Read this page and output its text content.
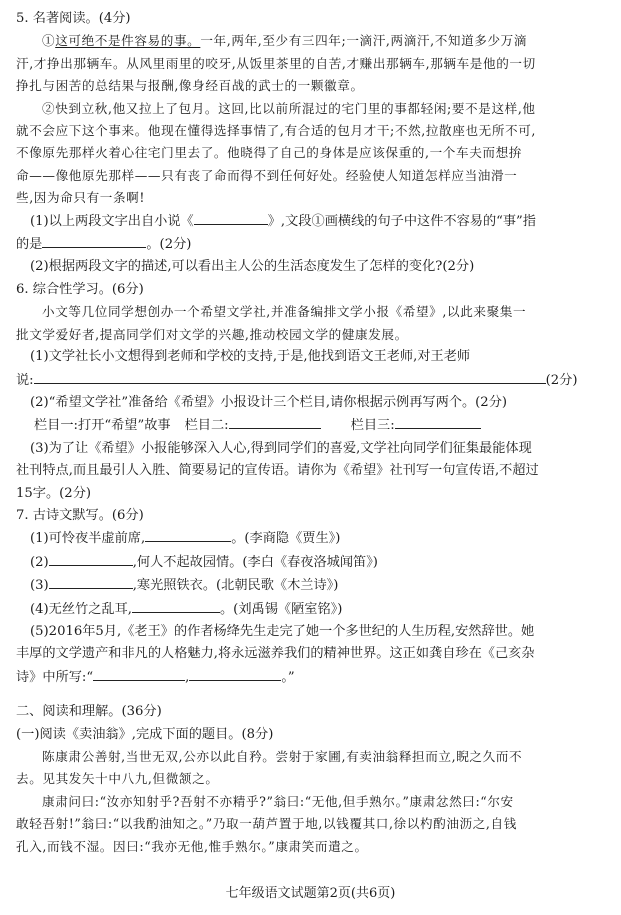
5. 名著阅读。(4分)
①这可绝不是件容易的事。一年,两年,至少有三四年;一滴汗,两滴汗,不知道多少万滴
汗,才挣出那辆车。从风里雨里的咬牙,从饭里茶里的自苦,才赚出那辆车,那辆车是他的一切
挣扎与困苦的总结果与报酬,像身经百战的武士的一颗徽章。
②快到立秋,他又拉上了包月。这回,比以前所混过的宅门里的事都轻闲;要不是这样,他
就不会应下这个事来。他现在懂得选择事情了,有合适的包月才干;不然,拉散座也无所不可,
不像原先那样火着心往宅门里去了。他晓得了自己的身体是应该保重的,一个车夫而想拚
命——像他原先那样——只有丧了命而得不到任何好处。经验使人知道怎样应当油滑一
些,因为命只有一条啊!
(1)以上两段文字出自小说《	》,文段①画横线的句子中这件不容易的“事”指
的是	。(2分)
(2)根据两段文字的描述,可以看出主人公的生活态度发生了怎样的变化?(2分)
6. 综合性学习。(6分)
小文等几位同学想创办一个希望文学社,并准备编排文学小报《希望》,以此来聚集一
批文学爱好者,提高同学们对文学的兴趣,推动校园文学的健康发展。
(1)文学社长小文想得到老师和学校的支持,于是,他找到语文王老师,对王老师
说:	(2分)
(2)“希望文学社”准备给《希望》小报设计三个栏目,请你根据示例再写两个。(2分)
栏目一:打开“希望”故事 栏目二:	栏目三:
(3)为了让《希望》小报能够深入人心,得到同学们的喜爱,文学社向同学们征集最能体现
社刊特点,而且最引人入胜、简要易记的宣传语。请你为《希望》社刊写一句宣传语,不超过
15字。(2分)
7. 古诗文默写。(6分)
(1)可怜夜半虚前席,	。(李商隐《贾生》)
(2)	,何人不起故园情。(李白《春夜洛城闻笛》)
(3)	,寒光照铁衣。(北朝民歌《木兰诗》)
(4)无丝竹之乱耳,	。(刘禹锡《陋室铭》)
(5)2016年5月,《老王》的作者杨绛先生走完了她一个多世纪的人生历程,安然辞世。她
丰厚的文学遗产和非凡的人格魅力,将永远滋养我们的精神世界。这正如龚自珍在《己亥杂
诗》中所写:“	,	。”
二、阅读和理解。(36分)
(一)阅读《卖油翁》,完成下面的题目。(8分)
陈康肃公善射,当世无双,公亦以此自矜。尝射于家圃,有卖油翁释担而立,睨之久而不
去。见其发矢十中八九,但微颔之。
康肃问曰:“汝亦知射乎?吾射不亦精乎?”翁曰:“无他,但手熟尔。”康肃忿然曰:“尔安
敢轻吾射!”翁曰:“以我酌油知之。”乃取一葫芦置于地,以钱覆其口,徐以杓酌油沥之,自钱
孔入,而钱不湿。因曰:“我亦无他,惟手熟尔。”康肃笑而遣之。
七年级语文试题第2页(共6页)
